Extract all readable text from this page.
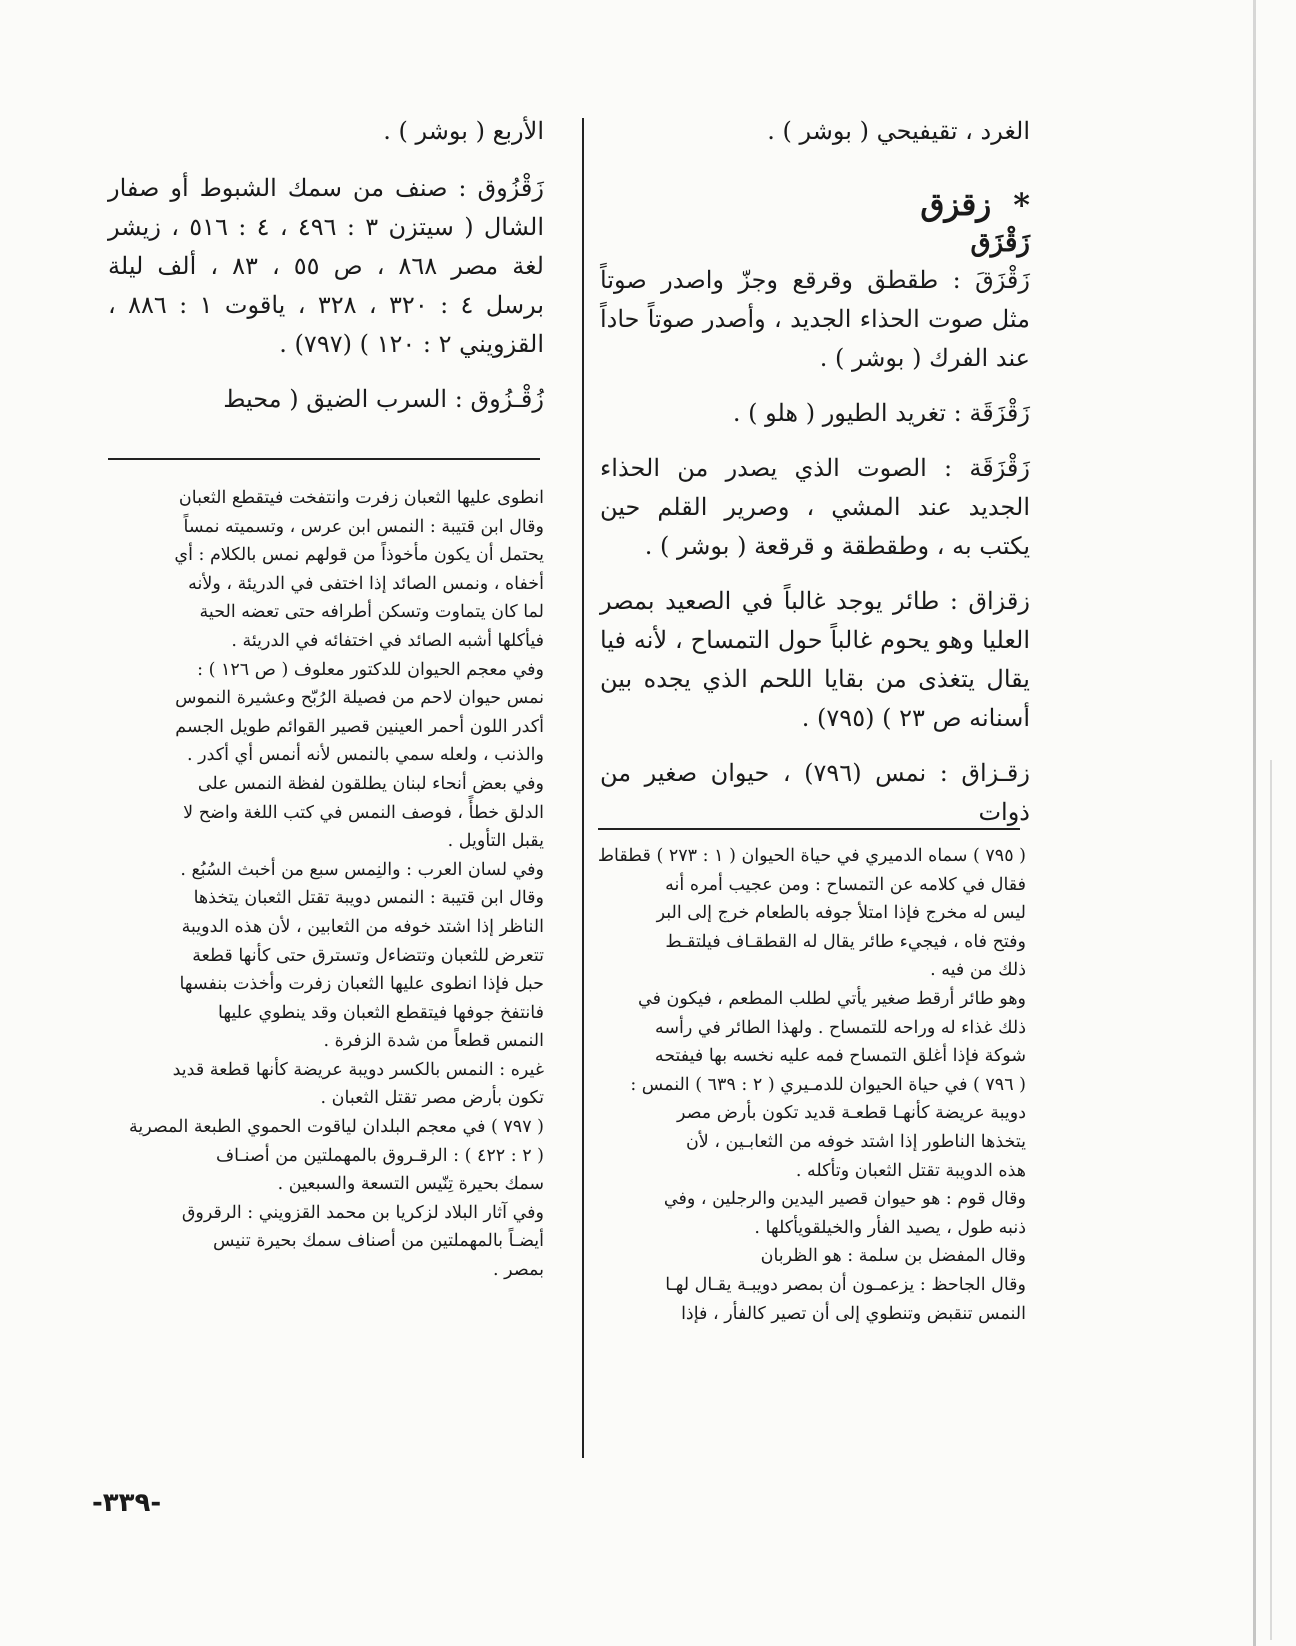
الغرد ، تقيفيحي ( بوشر ) .

*
زقزق

زَقْزَق

زَقْزَقَ : طقطق وقرقع وجزّ واصدر صوتاً مثل صوت الحذاء الجديد ، وأصدر صوتاً حاداً عند الفرك ( بوشر ) .

زَقْزَقَة : تغريد الطيور ( هلو ) .

زَقْزَقَة : الصوت الذي يصدر من الحذاء الجديد عند المشي ، وصرير القلم حين يكتب به ، وطقطقة و قرقعة ( بوشر ) .

زقزاق : طائر يوجد غالباً في الصعيد بمصر العليا وهو يحوم غالباً حول التمساح ، لأنه فيا يقال يتغذى من بقايا اللحم الذي يجده بين أسنانه ص ٢٣ ) (٧٩٥) .

زقـزاق : نمس (٧٩٦) ، حيوان صغير من ذوات

الأربع ( بوشر ) .

زَقْزُوق : صنف من سمك الشبوط أو صفار الشال ( سيتزن ٣ : ٤٩٦ ، ٤ : ٥١٦ ، زيشر لغة مصر ٨٦٨ ، ص ٥٥ ، ٨٣ ، ألف ليلة برسل ٤ : ٣٢٠ ، ٣٢٨ ، ياقوت ١ : ٨٨٦ ، القزويني ٢ : ١٢٠ ) (٧٩٧) .

زُقْـزُوق : السرب الضيق ( محيط

انطوى عليها الثعبان زفرت وانتفخت فيتقطع الثعبان

وقال ابن قتيبة : النمس ابن عرس ، وتسميته نمساً

يحتمل أن يكون مأخوذاً من قولهم نمس بالكلام : أي

أخفاه ، ونمس الصائد إذا اختفى في الدريئة ، ولأنه

لما كان يتماوت وتسكن أطرافه حتى تعضه الحية

فيأكلها أشبه الصائد في اختفائه في الدريئة .

وفي معجم الحيوان للدكتور معلوف ( ص ١٢٦ ) :

نمس حيوان لاحم من فصيلة الرُبّح وعشيرة النموس

أكدر اللون أحمر العينين قصير القوائم طويل الجسم

والذنب ، ولعله سمي بالنمس لأنه أنمس أي أكدر .

وفي بعض أنحاء لبنان يطلقون لفظة النمس على

الدلق خطأً ، فوصف النمس في كتب اللغة واضح لا

يقبل التأويل .

وفي لسان العرب : والنِمس سبع من أخبث السُبُع .

وقال ابن قتيبة : النمس دويبة تقتل الثعبان يتخذها

الناظر إذا اشتد خوفه من الثعابين ، لأن هذه الدويبة

تتعرض للثعبان وتتضاءل وتسترق حتى كأنها قطعة

حبل فإذا انطوى عليها الثعبان زفرت وأخذت بنفسها

فانتفخ جوفها فيتقطع الثعبان وقد ينطوي عليها

النمس قطعاً من شدة الزفرة .

غيره : النمس بالكسر دويبة عريضة كأنها قطعة قديد

تكون بأرض مصر تقتل الثعبان .

( ٧٩٧ ) في معجم البلدان لياقوت الحموي الطبعة المصرية

( ٢ : ٤٢٢ ) : الرقـروق بالمهملتين من أصنـاف

سمك بحيرة تِنّيس التسعة والسبعين .

وفي آثار البلاد لزكريا بن محمد القزويني : الرقروق

أيضـاً بالمهملتين من أصناف سمك بحيرة تنيس

بمصر .

( ٧٩٥ ) سماه الدميري في حياة الحيوان ( ١ : ٢٧٣ ) قطقاط

فقال في كلامه عن التمساح : ومن عجيب أمره أنه

ليس له مخرج فإذا امتلأ جوفه بالطعام خرج إلى البر

وفتح فاه ، فيجيء طائر يقال له القطقـاف فيلتقـط

ذلك من فيه .

وهو طائر أرقط صغير يأتي لطلب المطعم ، فيكون في

ذلك غذاء له وراحه للتمساح . ولهذا الطائر في رأسه

شوكة فإذا أغلق التمساح فمه عليه نخسه بها فيفتحه

( ٧٩٦ ) في حياة الحيوان للدمـيري ( ٢ : ٦٣٩ ) النمس :

دويبة عريضة كأنهـا قطعـة قديد تكون بأرض مصر

يتخذها الناطور إذا اشتد خوفه من الثعابـين ، لأن

هذه الدويبة تقتل الثعبان وتأكله .

وقال قوم : هو حيوان قصير اليدين والرجلين ، وفي

ذنبه طول ، يصيد الفأر والخيلقويأكلها .

وقال المفضل بن سلمة : هو الظربان

وقال الجاحظ : يزعمـون أن بمصر دويبـة يقـال لهـا

النمس تنقبض وتنطوي إلى أن تصير كالفأر ، فإذا

-٣٣٩-
